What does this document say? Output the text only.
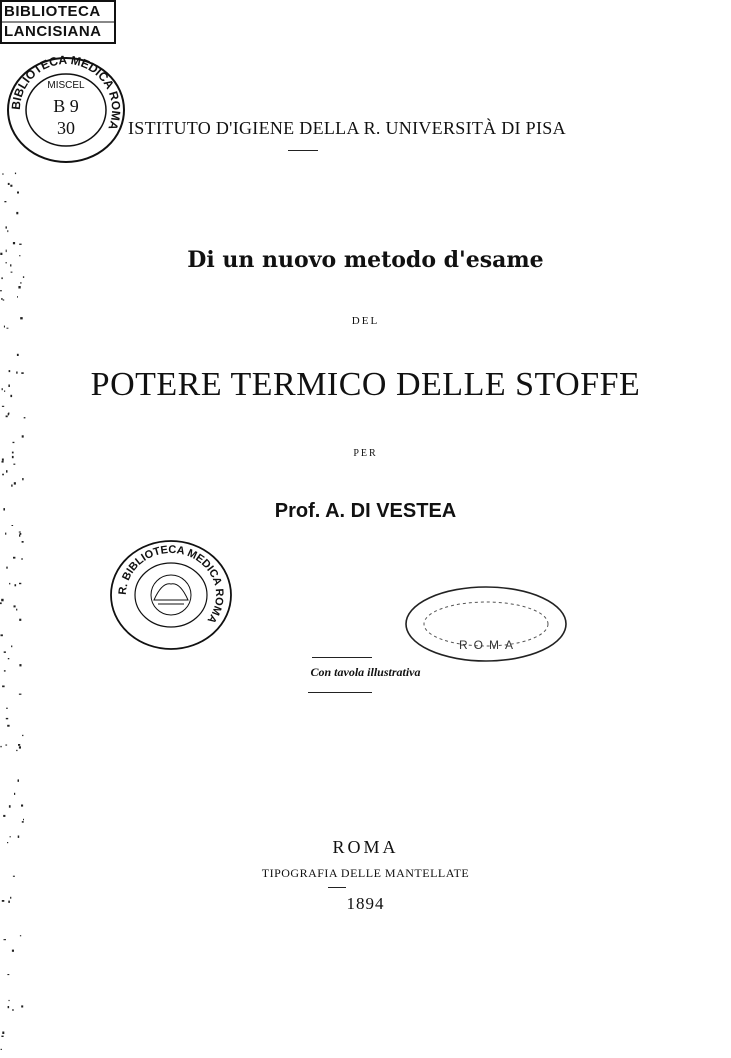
BIBLIOTECA
LANCISIANA
BIBLIOTECA MEDICA ROMA
MISCEL
B 9
30	ISTITUTO D'IGIENE DELLA R. UNIVERSITÀ DI PISA
Di un nuovo metodo d'esame
DEL
POTERE TERMICO DELLE STOFFE
PER
Prof. A. DI VESTEA
R. BIBLIOTECA MEDICA ROMA
ROMA
Con tavola illustrativa
ROMA
TIPOGRAFIA DELLE MANTELLATE
1894
